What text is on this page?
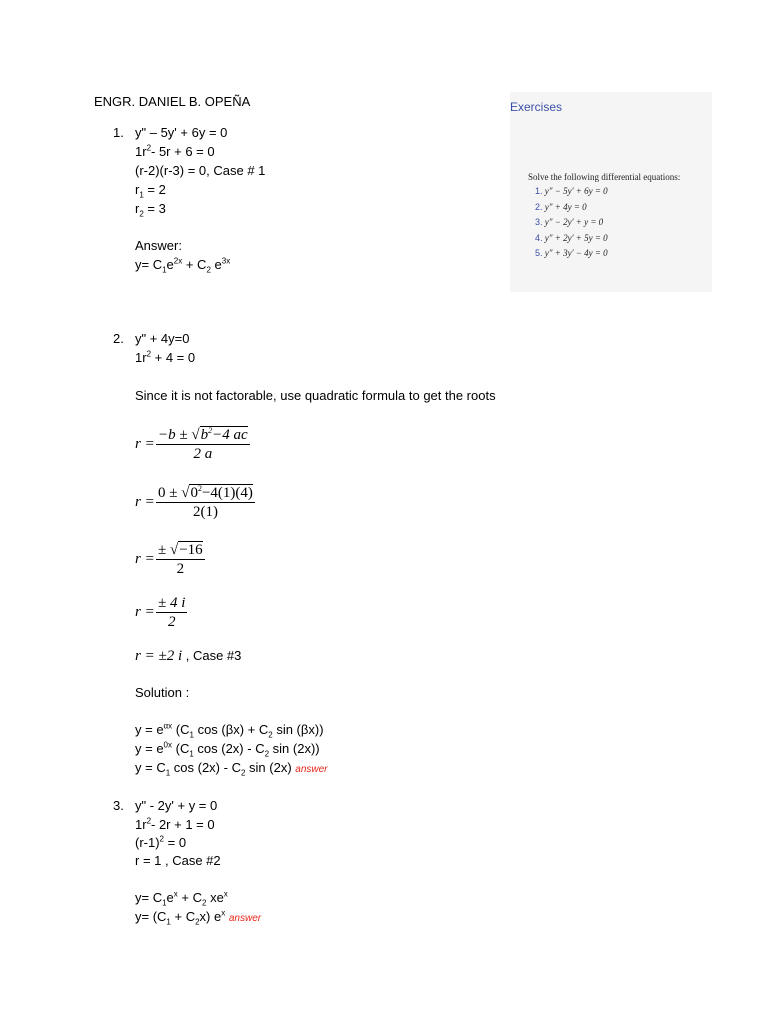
ENGR. DANIEL B. OPEÑA	Exercises
Solve the following differential equations:
1. y″ − 5y′ + 6y = 0
2. y″ + 4y = 0
3. y″ − 2y′ + y = 0
4. y″ + 2y′ + 5y = 0
5. y″ + 3y′ − 4y = 0
1. y" – 5y' + 6y = 0
$1r^2-$ 5r + 6 = 0
(r-2)(r-3) = 0, Case # 1
$r_1 = 2$
$r_2 = 3$
Answer:
$y= C_1e^{2x} + C_2$ $e^{3x}$
2. y" + 4y=0
$1r^2 + 4 = 0$
Since it is not factorable, use quadratic formula to get the roots
$r = \frac{-b \pm √b^2-4 ac}{2 a}$
$r = \frac{0 \pm √0^2-4(1)(4)}{2(1)}$
$r = \frac{\pm √-16}{2}$
$r = \frac{\pm 4 i}{2}$
r = ±2 i , Case #3
Solution :
$y = e^{\alpha x}$ ($C_1$ $\cos (\beta x) + C_2$ sin (βx))
$y = e^{0x}$ ($C_1$ $\cos (2x) - C_2$ sin (2x))
$y = C_1$ $\cos (2x) - C_2$ sin (2x) answer
3. y" - 2y' + y = 0
$1r^2-$ 2r + 1 = 0
$(r-1)^2 = 0$
r = 1 , Case #2
$y= C_1e^x + C_2$ $xe^x$
$y= (C_1 + C_2x)$ $e^x$ answer
